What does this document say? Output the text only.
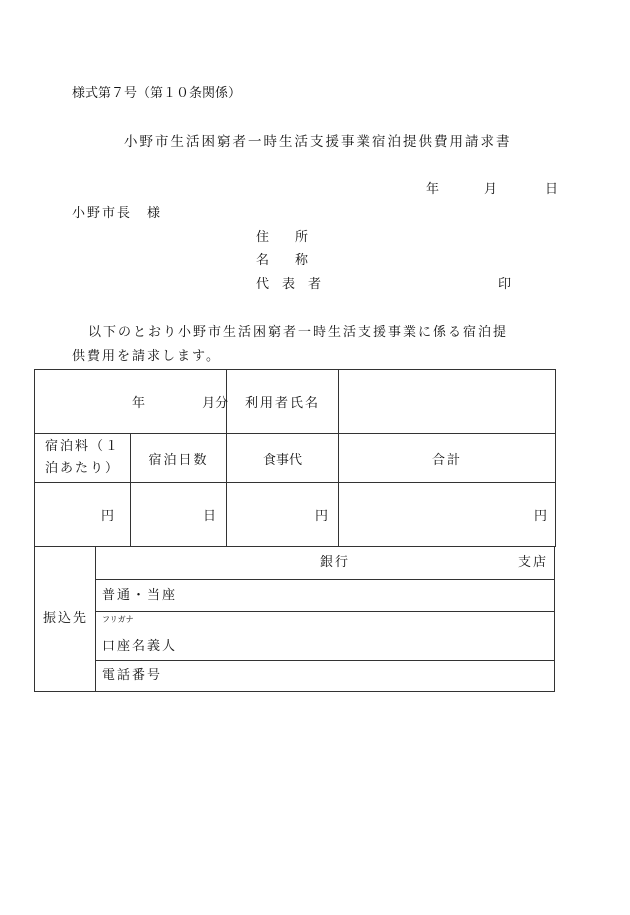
様式第７号（第１０条関係）
小野市生活困窮者一時生活支援事業宿泊提供費用請求書
年	月	日
小野市長　様
住　　所
名　　称
代　表　者	印
以下のとおり小野市生活困窮者一時生活支援事業に係る宿泊提
供費用を請求します。
年 月分		利用者氏名	

宿泊料（１
泊あたり）	宿泊日数	食事代	合計
円	日	円	円
振込先
銀行	支店
普通・当座
フリガナ
口座名義人
電話番号
